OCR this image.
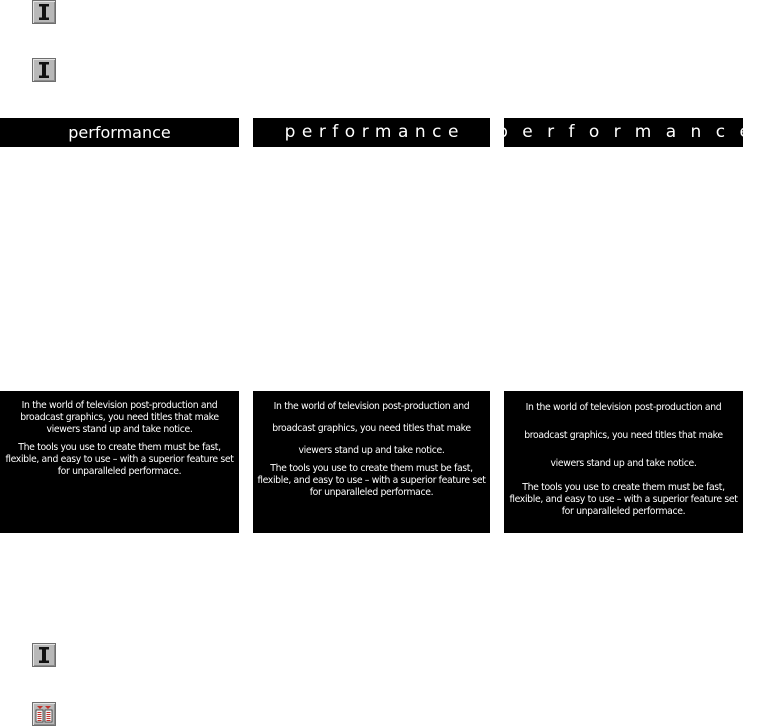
performance	performance performance

In the world of television post-production and broadcast graphics, you need titles that make viewers stand up and take notice.

The tools you use to create them must be fast, flexible, and easy to use – with a superior feature set for unparalleled performace.

In the world of television post-production and broadcast graphics, you need titles that make viewers stand up and take notice.

The tools you use to create them must be fast, flexible, and easy to use – with a superior feature set for unparalleled performace.

In the world of television post-production and broadcast graphics, you need titles that make viewers stand up and take notice.

The tools you use to create them must be fast, flexible, and easy to use – with a superior feature set for unparalleled performace.
